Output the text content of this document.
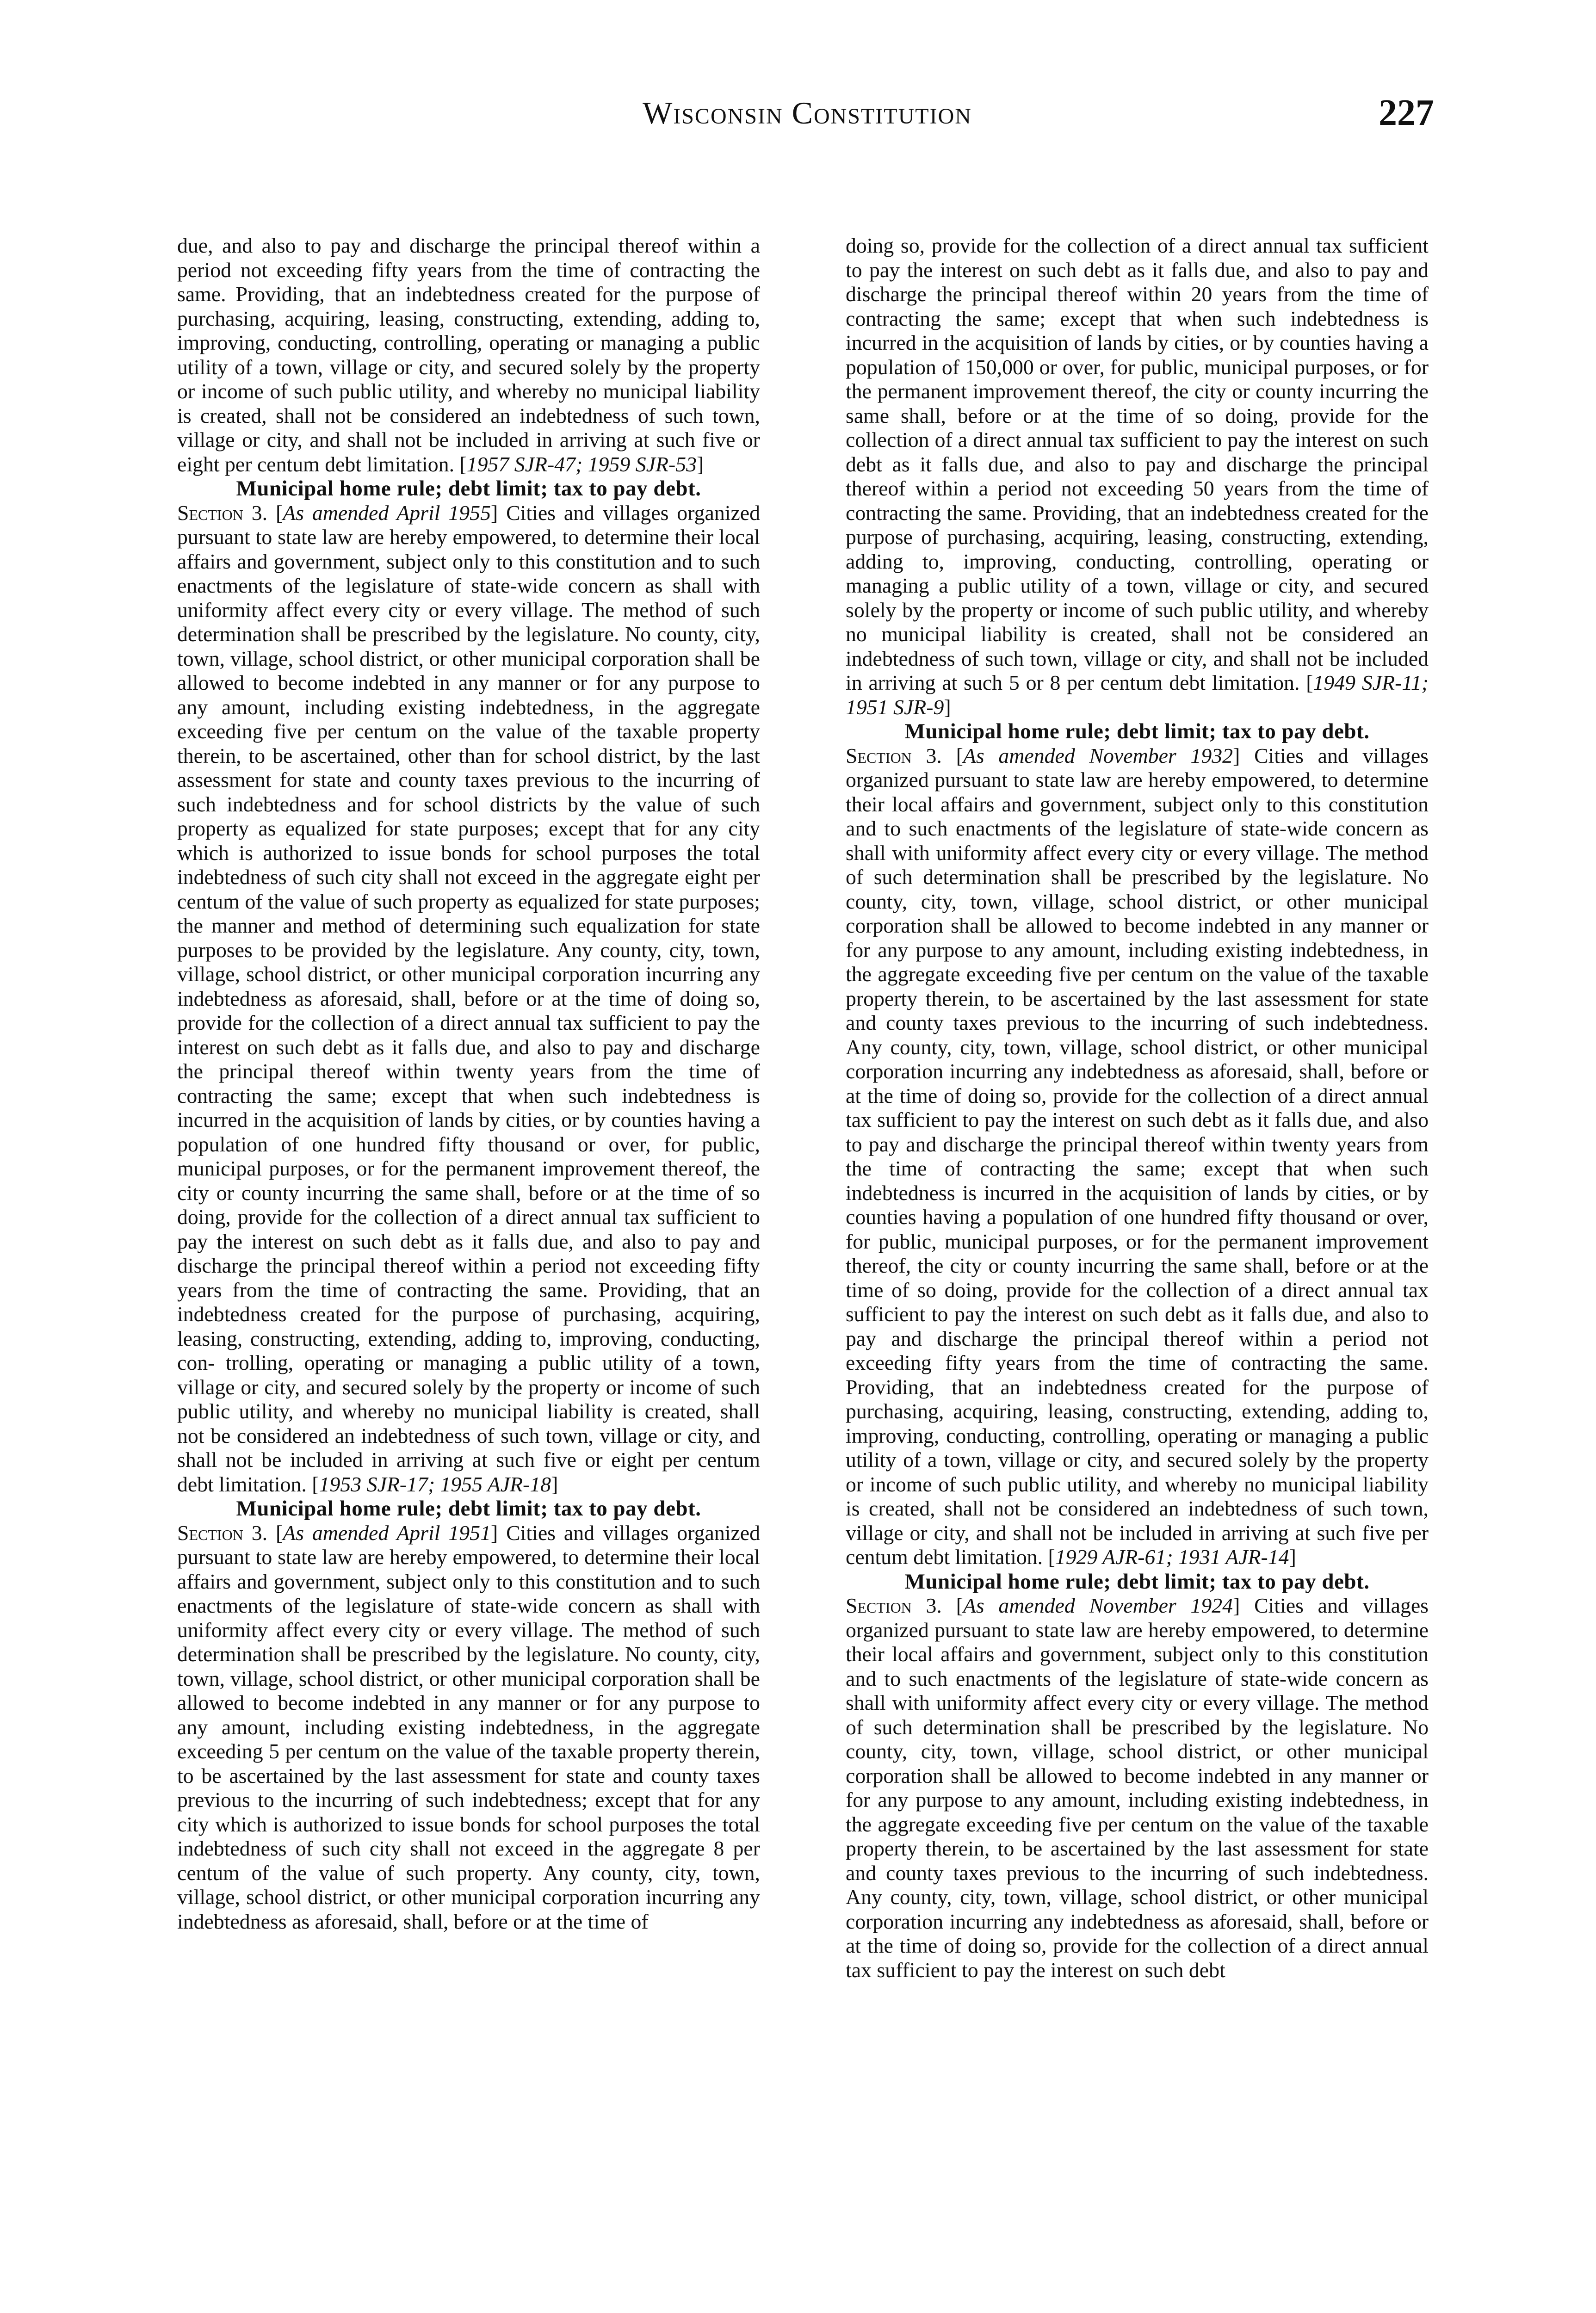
Wisconsin Constitution	227

due, and also to pay and discharge the principal thereof within a period not exceeding fifty years from the time of contracting the same. Providing, that an indebtedness created for the purpose of purchasing, acquiring, leasing, constructing, extending, adding to, improving, conducting, controlling, operating or managing a public utility of a town, village or city, and secured solely by the property or income of such public utility, and whereby no municipal liability is created, shall not be considered an indebtedness of such town, village or city, and shall not be included in arriving at such five or eight per centum debt limitation. [1957 SJR-47; 1959 SJR-53]

Municipal home rule; debt limit; tax to pay debt.

Section 3. [As amended April 1955] Cities and villages organized pursuant to state law are hereby empowered, to determine their local affairs and government, subject only to this constitution and to such enactments of the legislature of state-wide concern as shall with uniformity affect every city or every village. The method of such determination shall be prescribed by the legislature. No county, city, town, village, school district, or other municipal corporation shall be allowed to become indebted in any manner or for any purpose to any amount, including existing indebtedness, in the aggregate exceeding five per centum on the value of the taxable property therein, to be ascertained, other than for school district, by the last assessment for state and county taxes previous to the incurring of such indebtedness and for school districts by the value of such property as equalized for state purposes; except that for any city which is authorized to issue bonds for school purposes the total indebtedness of such city shall not exceed in the aggregate eight per centum of the value of such property as equalized for state purposes; the manner and method of determining such equalization for state purposes to be provided by the legislature. Any county, city, town, village, school district, or other municipal corporation incurring any indebtedness as aforesaid, shall, before or at the time of doing so, provide for the collection of a direct annual tax sufficient to pay the interest on such debt as it falls due, and also to pay and discharge the principal thereof within twenty years from the time of contracting the same; except that when such indebtedness is incurred in the acquisition of lands by cities, or by counties having a population of one hundred fifty thousand or over, for public, municipal purposes, or for the permanent improvement thereof, the city or county incurring the same shall, before or at the time of so doing, provide for the collection of a direct annual tax sufficient to pay the interest on such debt as it falls due, and also to pay and discharge the principal thereof within a period not exceeding fifty years from the time of contracting the same. Providing, that an indebtedness created for the purpose of purchasing, acquiring, leasing, constructing, extending, adding to, improving, conducting, con- trolling, operating or managing a public utility of a town, village or city, and secured solely by the property or income of such public utility, and whereby no municipal liability is created, shall not be considered an indebtedness of such town, village or city, and shall not be included in arriving at such five or eight per centum debt limitation. [1953 SJR-17; 1955 AJR-18]

Municipal home rule; debt limit; tax to pay debt.

Section 3. [As amended April 1951] Cities and villages organized pursuant to state law are hereby empowered, to determine their local affairs and government, subject only to this constitution and to such enactments of the legislature of state-wide concern as shall with uniformity affect every city or every village. The method of such determination shall be prescribed by the legislature. No county, city, town, village, school district, or other municipal corporation shall be allowed to become indebted in any manner or for any purpose to any amount, including existing indebtedness, in the aggregate exceeding 5 per centum on the value of the taxable property therein, to be ascertained by the last assessment for state and county taxes previous to the incurring of such indebtedness; except that for any city which is authorized to issue bonds for school purposes the total indebtedness of such city shall not exceed in the aggregate 8 per centum of the value of such property. Any county, city, town, village, school district, or other municipal corporation incurring any indebtedness as aforesaid, shall, before or at the time of

doing so, provide for the collection of a direct annual tax sufficient to pay the interest on such debt as it falls due, and also to pay and discharge the principal thereof within 20 years from the time of contracting the same; except that when such indebtedness is incurred in the acquisition of lands by cities, or by counties having a population of 150,000 or over, for public, municipal purposes, or for the permanent improvement thereof, the city or county incurring the same shall, before or at the time of so doing, provide for the collection of a direct annual tax sufficient to pay the interest on such debt as it falls due, and also to pay and discharge the principal thereof within a period not exceeding 50 years from the time of contracting the same. Providing, that an indebtedness created for the purpose of purchasing, acquiring, leasing, constructing, extending, adding to, improving, conducting, controlling, operating or managing a public utility of a town, village or city, and secured solely by the property or income of such public utility, and whereby no municipal liability is created, shall not be considered an indebtedness of such town, village or city, and shall not be included in arriving at such 5 or 8 per centum debt limitation. [1949 SJR-11; 1951 SJR-9]

Municipal home rule; debt limit; tax to pay debt.

Section 3. [As amended November 1932] Cities and villages organized pursuant to state law are hereby empowered, to determine their local affairs and government, subject only to this constitution and to such enactments of the legislature of state-wide concern as shall with uniformity affect every city or every village. The method of such determination shall be prescribed by the legislature. No county, city, town, village, school district, or other municipal corporation shall be allowed to become indebted in any manner or for any purpose to any amount, including existing indebtedness, in the aggregate exceeding five per centum on the value of the taxable property therein, to be ascertained by the last assessment for state and county taxes previous to the incurring of such indebtedness. Any county, city, town, village, school district, or other municipal corporation incurring any indebtedness as aforesaid, shall, before or at the time of doing so, provide for the collection of a direct annual tax sufficient to pay the interest on such debt as it falls due, and also to pay and discharge the principal thereof within twenty years from the time of contracting the same; except that when such indebtedness is incurred in the acquisition of lands by cities, or by counties having a population of one hundred fifty thousand or over, for public, municipal purposes, or for the permanent improvement thereof, the city or county incurring the same shall, before or at the time of so doing, provide for the collection of a direct annual tax sufficient to pay the interest on such debt as it falls due, and also to pay and discharge the principal thereof within a period not exceeding fifty years from the time of contracting the same. Providing, that an indebtedness created for the purpose of purchasing, acquiring, leasing, constructing, extending, adding to, improving, conducting, controlling, operating or managing a public utility of a town, village or city, and secured solely by the property or income of such public utility, and whereby no municipal liability is created, shall not be considered an indebtedness of such town, village or city, and shall not be included in arriving at such five per centum debt limitation. [1929 AJR-61; 1931 AJR-14]

Municipal home rule; debt limit; tax to pay debt.

Section 3. [As amended November 1924] Cities and villages organized pursuant to state law are hereby empowered, to determine their local affairs and government, subject only to this constitution and to such enactments of the legislature of state-wide concern as shall with uniformity affect every city or every village. The method of such determination shall be prescribed by the legislature. No county, city, town, village, school district, or other municipal corporation shall be allowed to become indebted in any manner or for any purpose to any amount, including existing indebtedness, in the aggregate exceeding five per centum on the value of the taxable property therein, to be ascertained by the last assessment for state and county taxes previous to the incurring of such indebtedness. Any county, city, town, village, school district, or other municipal corporation incurring any indebtedness as aforesaid, shall, before or at the time of doing so, provide for the collection of a direct annual tax sufficient to pay the interest on such debt
